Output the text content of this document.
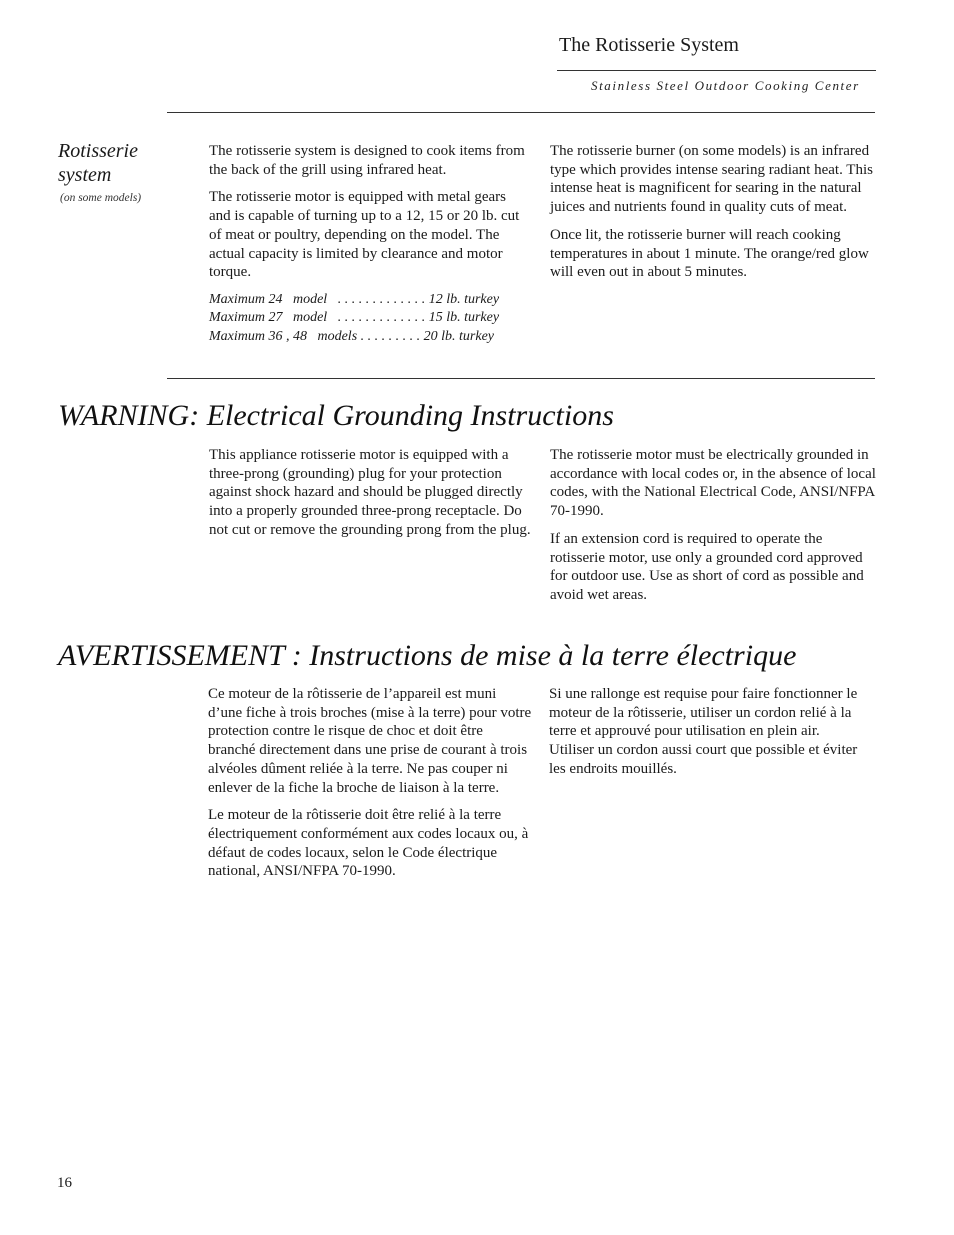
The Rotisserie System
Stainless Steel Outdoor Cooking Center
Rotisserie system
(on some models)

The rotisserie system is designed to cook items from the back of the grill using infrared heat.

The rotisserie motor is equipped with metal gears and is capable of turning up to a 12, 15 or 20 lb. cut of meat or poultry, depending on the model. The actual capacity is limited by clearance and motor torque.

Maximum 24   model   . . . . . . . . . . . . . 12 lb. turkey
Maximum 27   model   . . . . . . . . . . . . . 15 lb. turkey
Maximum 36 , 48   models . . . . . . . . . 20 lb. turkey

The rotisserie burner (on some models) is an infrared type which provides intense searing radiant heat. This intense heat is magnificent for searing in the natural juices and nutrients found in quality cuts of meat.

Once lit, the rotisserie burner will reach cooking temperatures in about 1 minute. The orange/red glow will even out in about 5 minutes.

WARNING: Electrical Grounding Instructions

This appliance rotisserie motor is equipped with a three-prong (grounding) plug for your protection against shock hazard and should be plugged directly into a properly grounded three-prong receptacle. Do not cut or remove the grounding prong from the plug.

The rotisserie motor must be electrically grounded in accordance with local codes or, in the absence of local codes, with the National Electrical Code, ANSI/NFPA 70-1990.

If an extension cord is required to operate the rotisserie motor, use only a grounded cord approved for outdoor use. Use as short of cord as possible and avoid wet areas.

AVERTISSEMENT : Instructions de mise à la terre électrique

Ce moteur de la rôtisserie de l’appareil est muni d’une fiche à trois broches (mise à la terre) pour votre protection contre le risque de choc et doit être branché directement dans une prise de courant à trois alvéoles dûment reliée à la terre. Ne pas couper ni enlever de la fiche la broche de liaison à la terre.

Le moteur de la rôtisserie doit être relié à la terre électriquement conformément aux codes locaux ou, à défaut de codes locaux, selon le Code électrique national, ANSI/NFPA 70-1990.

Si une rallonge est requise pour faire fonctionner le moteur de la rôtisserie, utiliser un cordon relié à la terre et approuvé pour utilisation en plein air. Utiliser un cordon aussi court que possible et éviter les endroits mouillés.

16
